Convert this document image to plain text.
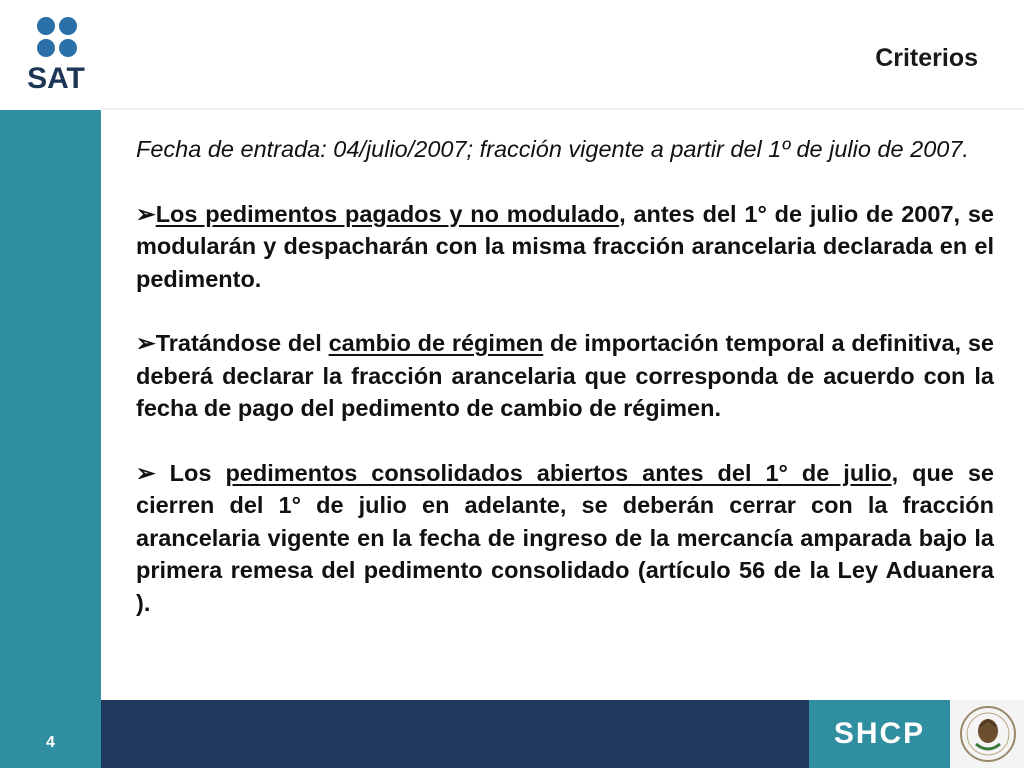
SAT
Criterios

Fecha de entrada: 04/julio/2007; fracción vigente a partir del 1º de julio de 2007.

➢Los pedimentos pagados y no modulado, antes del 1° de julio de 2007, se modularán y despacharán con la misma fracción arancelaria declarada en el pedimento.

➢Tratándose del cambio de régimen de importación temporal a definitiva, se deberá declarar la fracción arancelaria que corresponda de acuerdo con la fecha de pago del pedimento de cambio de régimen.

➢ Los pedimentos consolidados abiertos antes del 1° de julio, que se cierren del 1° de julio en adelante, se deberán cerrar con la fracción arancelaria vigente en la fecha de ingreso de la mercancía amparada bajo la primera remesa del pedimento consolidado (artículo 56 de la Ley Aduanera ).

4	SHCP
